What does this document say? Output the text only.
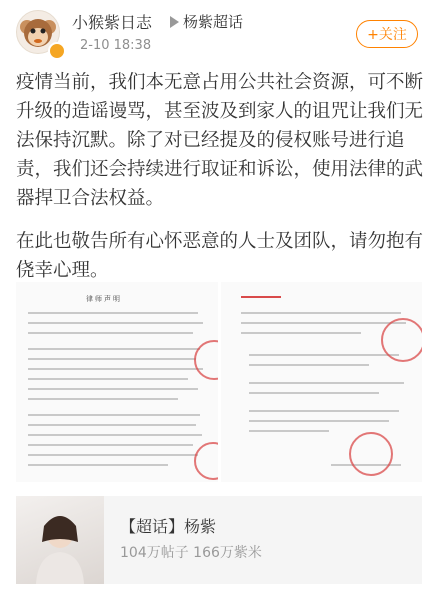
小猴紫日志 杨紫超话
2-10 18:38
+关注

疫情当前，我们本无意占用公共社会资源，可不断升级的造谣谩骂，甚至波及到家人的诅咒让我们无法保持沉默。除了对已经提及的侵权账号进行追责，我们还会持续进行取证和诉讼，使用法律的武器捍卫合法权益。

在此也敬告所有心怀恶意的人士及团队，请勿抱有侥幸心理。

律师声明
【超话】杨紫
104万帖子 166万紫米
